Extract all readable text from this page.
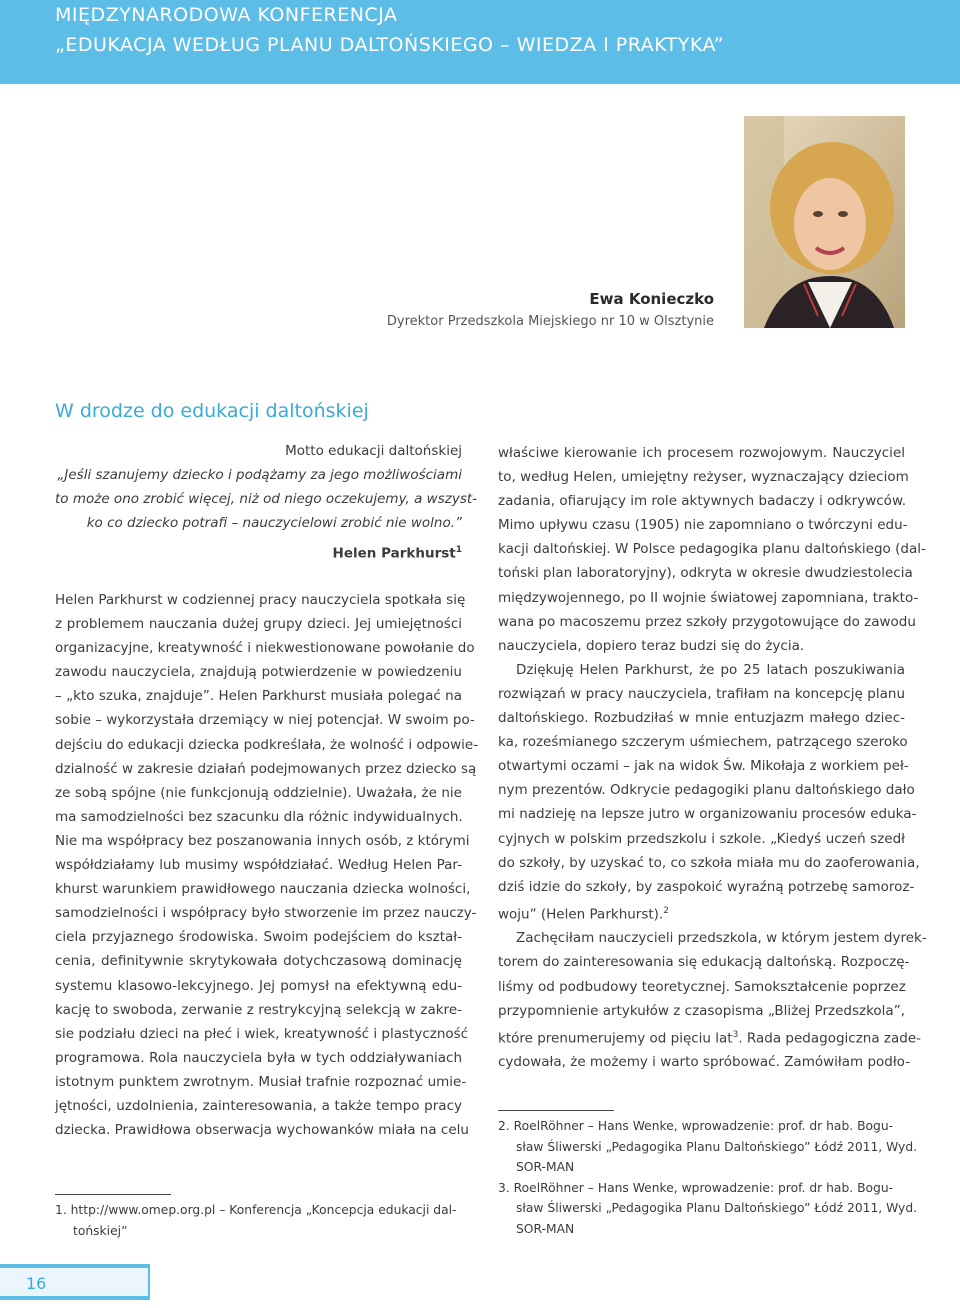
MIĘDZYNARODOWA KONFERENCJA
„EDUKACJA WEDŁUG PLANU DALTOŃSKIEGO – WIEDZA I PRAKTYKA”
Ewa Konieczko
Dyrektor Przedszkola Miejskiego nr 10 w Olsztynie
W drodze do edukacji daltońskiej
Motto edukacji daltońskiej
„Jeśli szanujemy dziecko i podążamy za jego możliwościami
to może ono zrobić więcej, niż od niego oczekujemy, a wszyst-
ko co dziecko potrafi – nauczycielowi zrobić nie wolno.”
Helen Parkhurst$^1$
Helen Parkhurst w codziennej pracy nauczyciela spotkała się
z problemem nauczania dużej grupy dzieci. Jej umiejętności
organizacyjne, kreatywność i niekwestionowane powołanie do
zawodu nauczyciela, znajdują potwierdzenie w powiedzeniu
– „kto szuka, znajduje”. Helen Parkhurst musiała polegać na
sobie – wykorzystała drzemiący w niej potencjał. W swoim po-
dejściu do edukacji dziecka podkreślała, że wolność i odpowie-
dzialność w zakresie działań podejmowanych przez dziecko są
ze sobą spójne (nie funkcjonują oddzielnie). Uważała, że nie
ma samodzielności bez szacunku dla różnic indywidualnych.
Nie ma współpracy bez poszanowania innych osób, z którymi
współdziałamy lub musimy współdziałać. Według Helen Par-
khurst warunkiem prawidłowego nauczania dziecka wolności,
samodzielności i współpracy było stworzenie im przez nauczy-
ciela przyjaznego środowiska. Swoim podejściem do kształ-
cenia, definitywnie skrytykowała dotychczasową dominację
systemu klasowo-lekcyjnego. Jej pomysł na efektywną edu-
kację to swoboda, zerwanie z restrykcyjną selekcją w zakre-
sie podziału dzieci na płeć i wiek, kreatywność i plastyczność
programowa. Rola nauczyciela była w tych oddziaływaniach
istotnym punktem zwrotnym. Musiał trafnie rozpoznać umie-
jętności, uzdolnienia, zainteresowania, a także tempo pracy
dziecka. Prawidłowa obserwacja wychowanków miała na celu
właściwe kierowanie ich procesem rozwojowym. Nauczyciel
to, według Helen, umiejętny reżyser, wyznaczający dzieciom
zadania, ofiarujący im role aktywnych badaczy i odkrywców.
Mimo upływu czasu (1905) nie zapomniano o twórczyni edu-
kacji daltońskiej. W Polsce pedagogika planu daltońskiego (dal-
toński plan laboratoryjny), odkryta w okresie dwudziestolecia
międzywojennego, po II wojnie światowej zapomniana, trakto-
wana po macoszemu przez szkoły przygotowujące do zawodu
nauczyciela, dopiero teraz budzi się do życia.
Dziękuję Helen Parkhurst, że po 25 latach poszukiwania
rozwiązań w pracy nauczyciela, trafiłam na koncepcję planu
daltońskiego. Rozbudziłaś w mnie entuzjazm małego dziec-
ka, roześmianego szczerym uśmiechem, patrzącego szeroko
otwartymi oczami – jak na widok Św. Mikołaja z workiem peł-
nym prezentów. Odkrycie pedagogiki planu daltońskiego dało
mi nadzieję na lepsze jutro w organizowaniu procesów eduka-
cyjnych w polskim przedszkolu i szkole. „Kiedyś uczeń szedł
do szkoły, by uzyskać to, co szkoła miała mu do zaoferowania,
dziś idzie do szkoły, by zaspokoić wyraźną potrzebę samoroz-
woju” (Helen Parkhurst).$^2$
Zachęciłam nauczycieli przedszkola, w którym jestem dyrek-
torem do zainteresowania się edukacją daltońską. Rozpoczę-
liśmy od podbudowy teoretycznej. Samokształcenie poprzez
przypomnienie artykułów z czasopisma „Bliżej Przedszkola”,
które prenumerujemy od pięciu lat$^3$. Rada pedagogiczna zade-
cydowała, że możemy i warto spróbować. Zamówiłam podło-
1. http://www.omep.org.pl – Konferencja „Koncepcja edukacji dal-
tońskiej”
2. RoelRöhner – Hans Wenke, wprowadzenie: prof. dr hab. Bogu-
sław Śliwerski „Pedagogika Planu Daltońskiego” Łódź 2011, Wyd.
SOR-MAN
3. RoelRöhner – Hans Wenke, wprowadzenie: prof. dr hab. Bogu-
sław Śliwerski „Pedagogika Planu Daltońskiego” Łódź 2011, Wyd.
SOR-MAN
16
